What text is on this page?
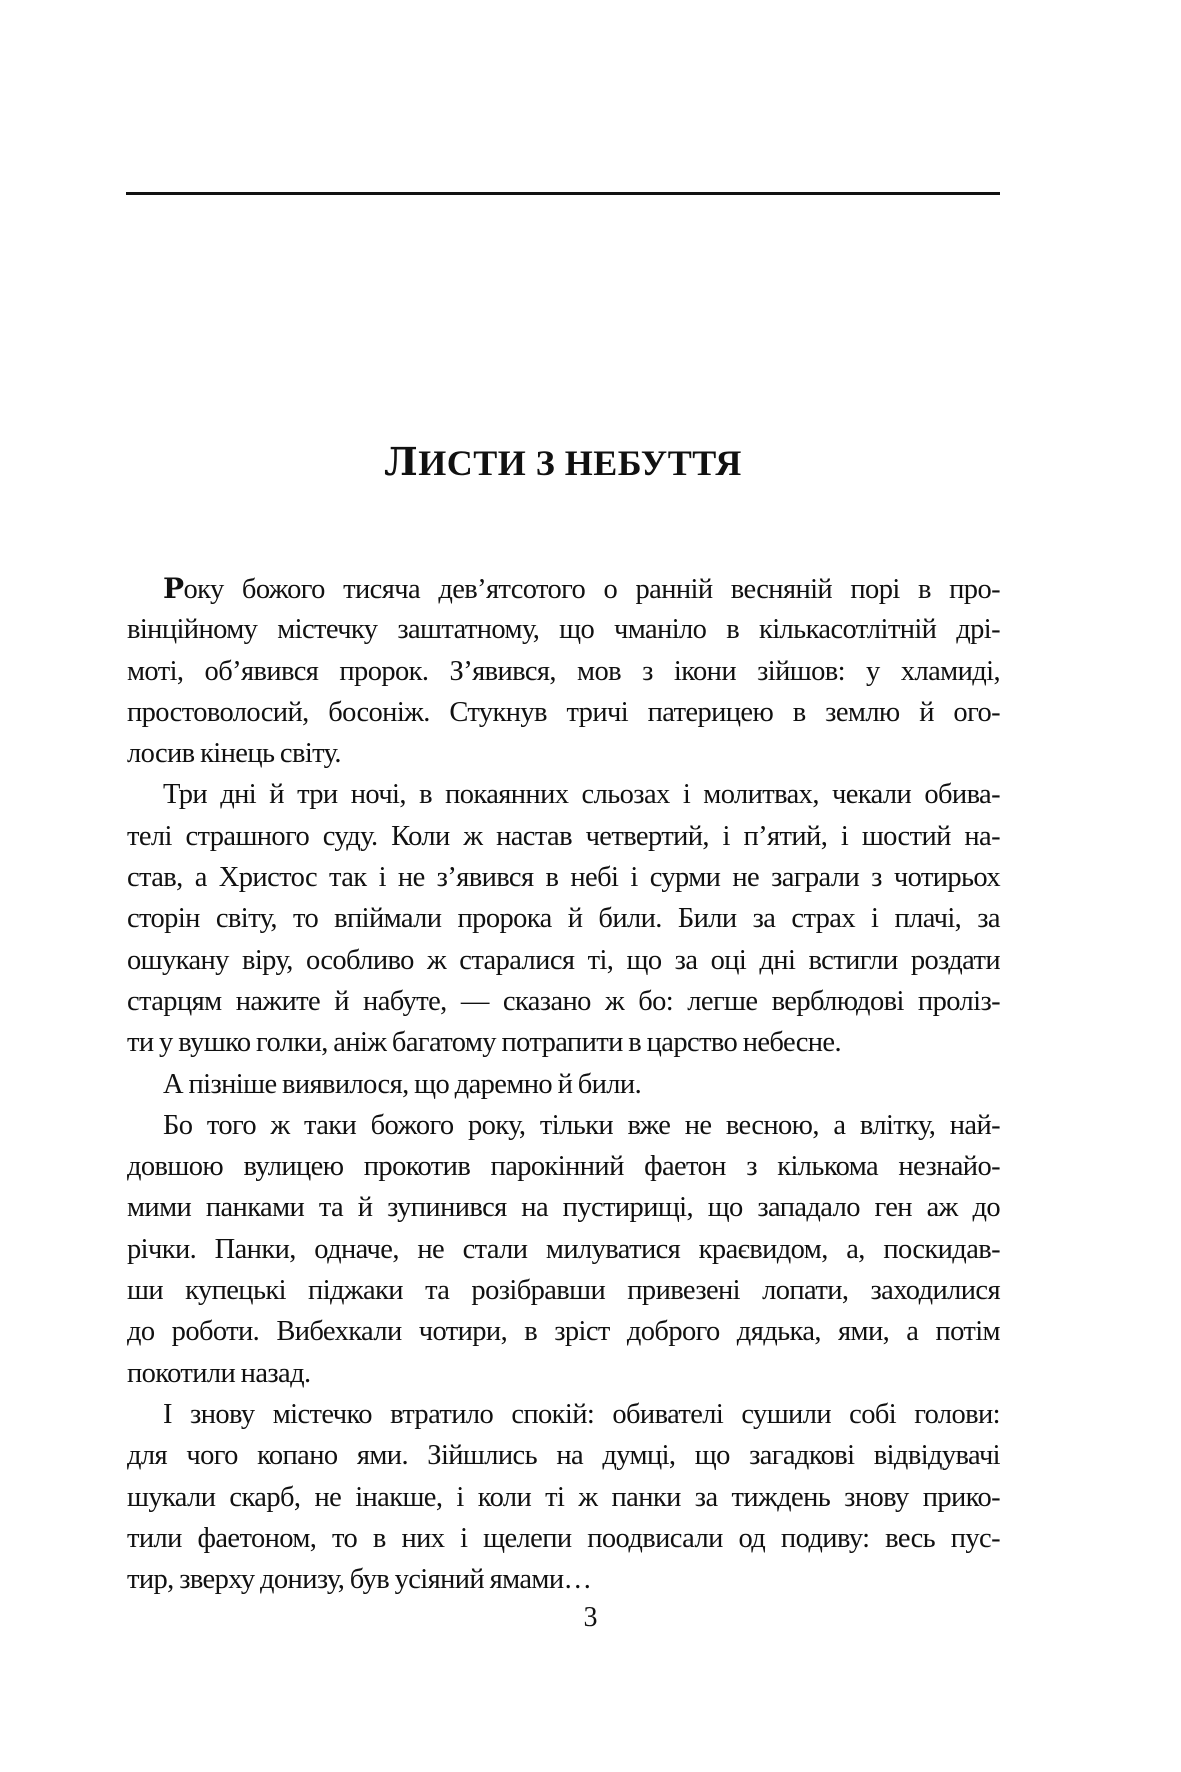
ЛИСТИ З НЕБУТТЯ
Року божого тисяча дев’ятсотого о ранній весняній порі в про-
вінційному містечку заштатному, що чманіло в кількасотлітній дрі-
моті, об’явився пророк. З’явився, мов з ікони зійшов: у хламиді,
простоволосий, босоніж. Стукнув тричі патерицею в землю й ого-
лосив кінець світу.
Три дні й три ночі, в покаянних сльозах і молитвах, чекали обива-
телі страшного суду. Коли ж настав четвертий, і п’ятий, і шостий на-
став, а Христос так і не з’явився в небі і сурми не заграли з чотирьох
сторін світу, то впіймали пророка й били. Били за страх і плачі, за
ошукану віру, особливо ж старалися ті, що за оці дні встигли роздати
старцям нажите й набуте, — сказано ж бо: легше верблюдові проліз-
ти у вушко голки, аніж багатому потрапити в царство небесне.
А пізніше виявилося, що даремно й били.
Бо того ж таки божого року, тільки вже не весною, а влітку, най-
довшою вулицею прокотив парокінний фаетон з кількома незнайо-
мими панками та й зупинився на пустирищі, що западало ген аж до
річки. Панки, одначе, не стали милуватися краєвидом, а, поскидав-
ши купецькі піджаки та розібравши привезені лопати, заходилися
до роботи. Вибехкали чотири, в зріст доброго дядька, ями, а потім
покотили назад.
І знову містечко втратило спокій: обивателі сушили собі голови:
для чого копано ями. Зійшлись на думці, що загадкові відвідувачі
шукали скарб, не інакше, і коли ті ж панки за тиждень знову прико-
тили фаетоном, то в них і щелепи поодвисали од подиву: весь пус-
тир, зверху донизу, був усіяний ямами…
3
